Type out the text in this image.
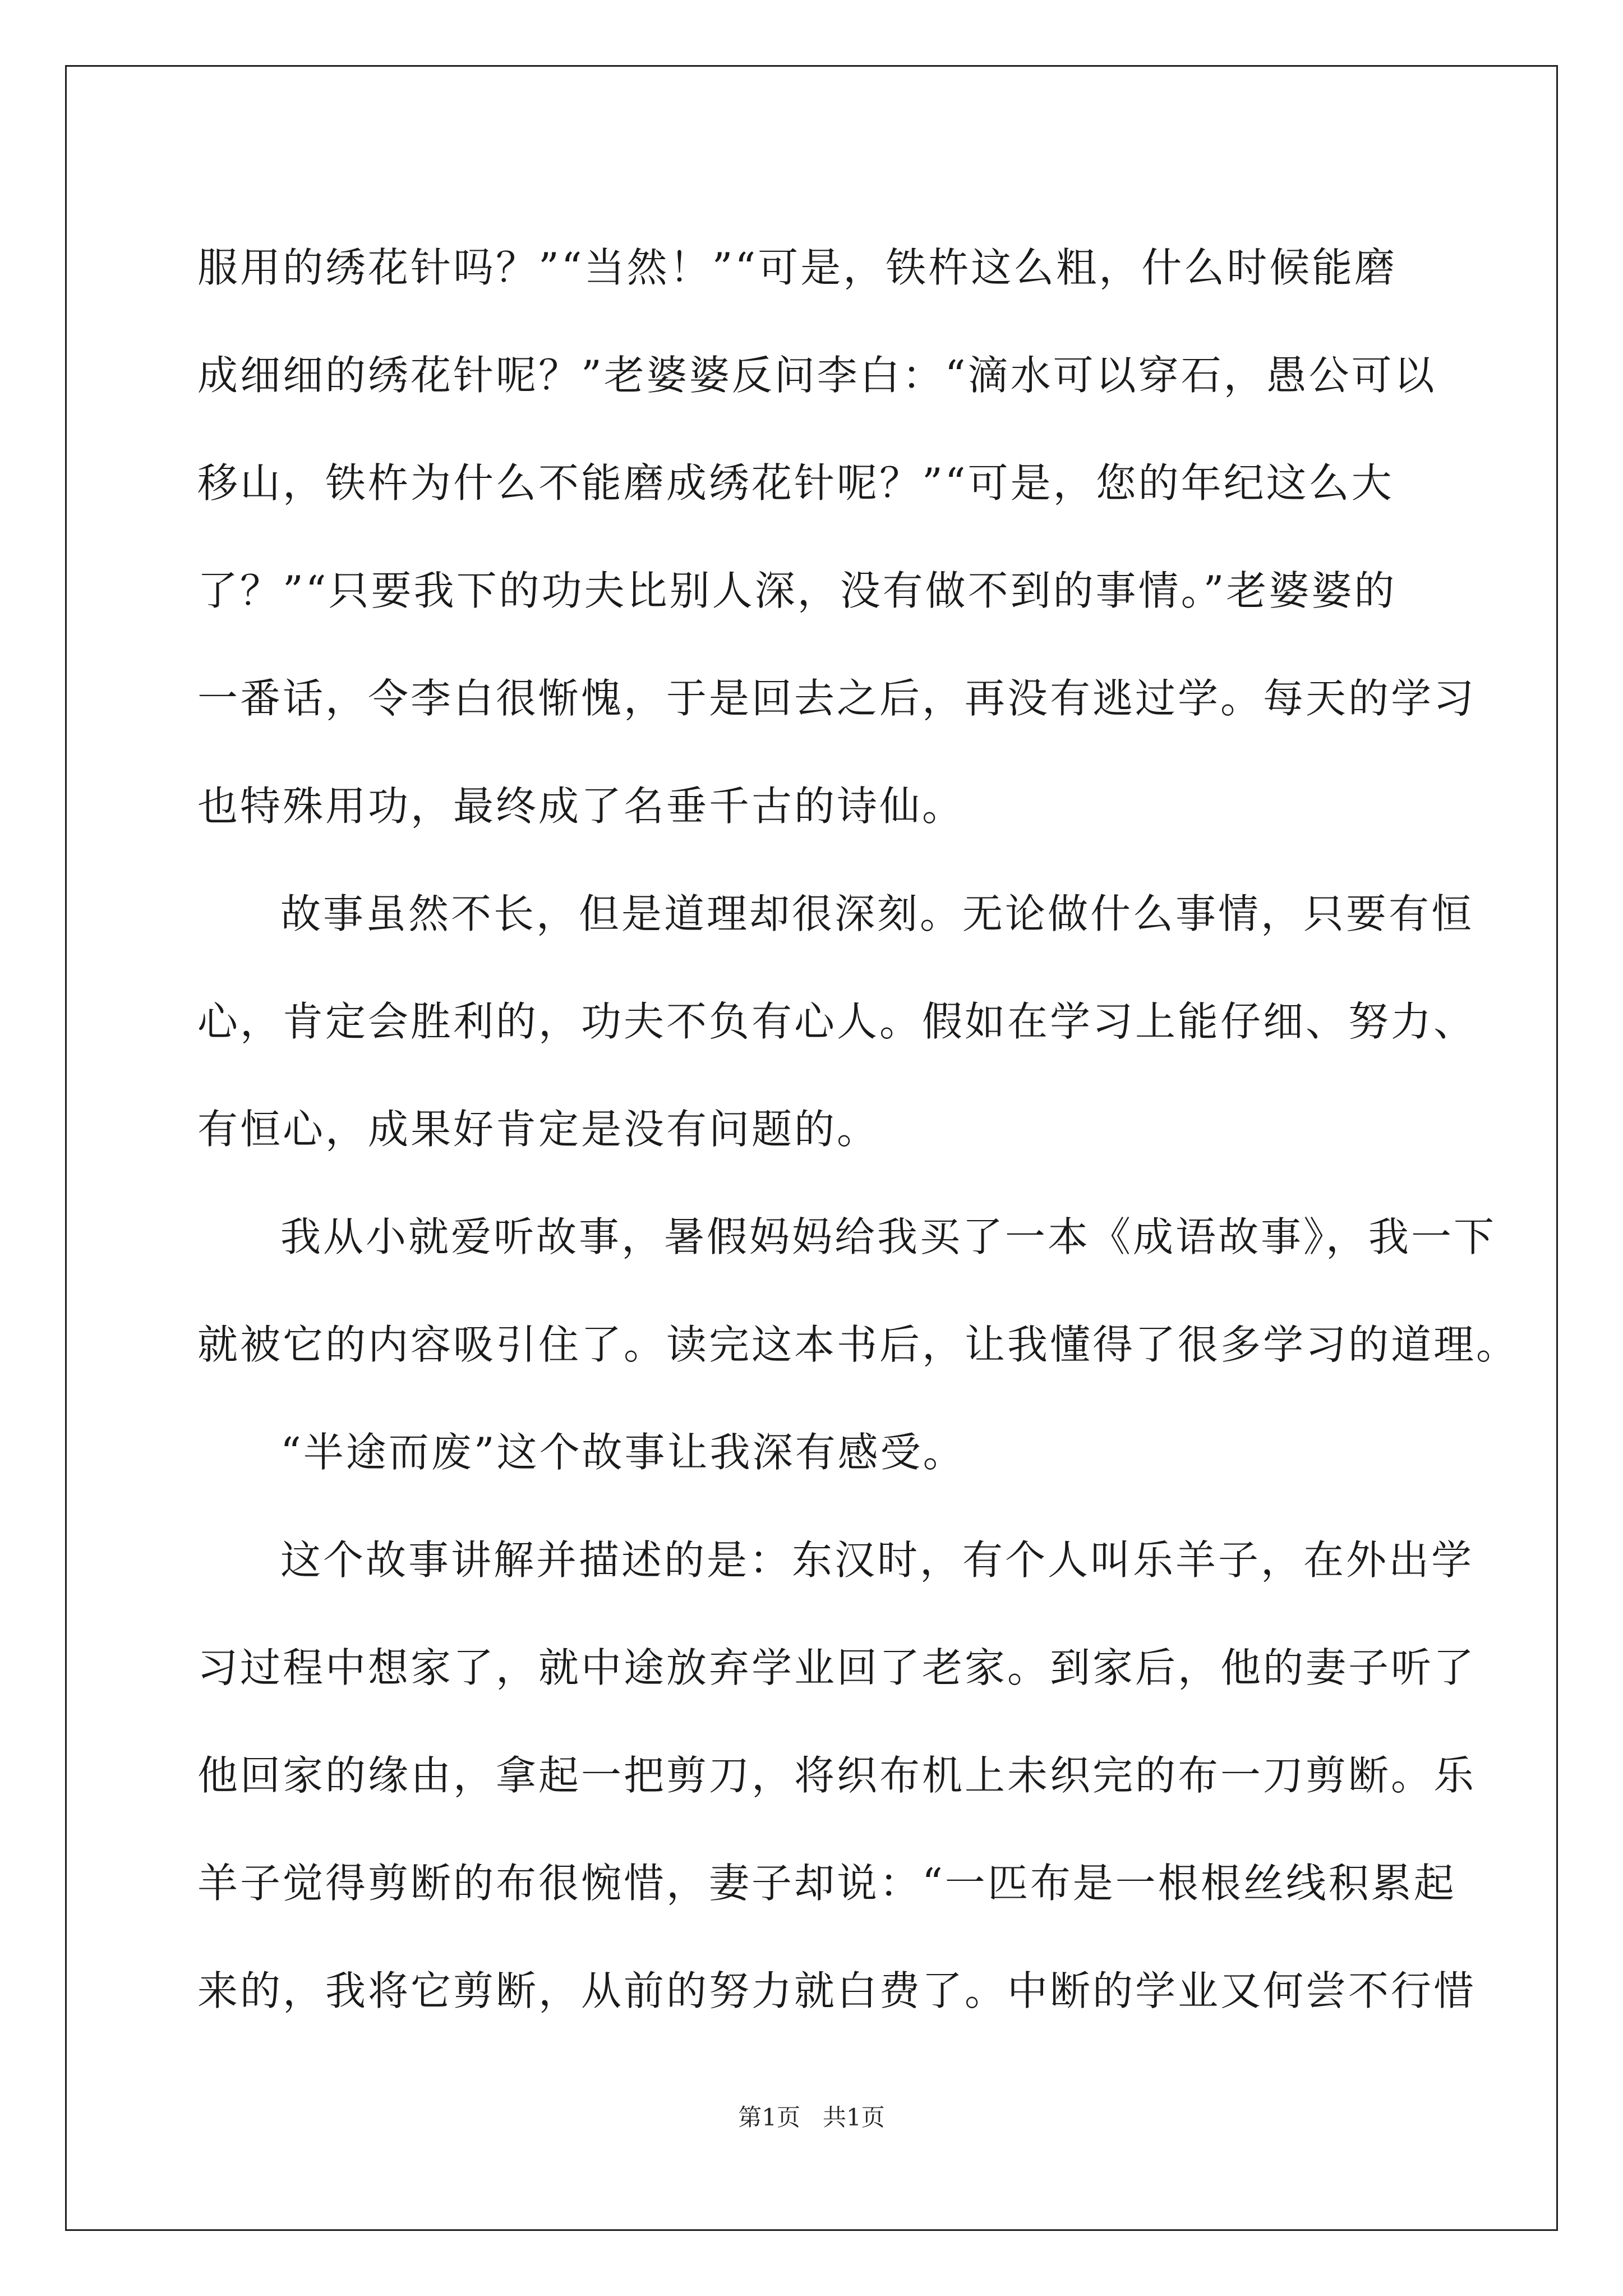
服用的绣花针吗？”“当然！”“可是，铁杵这么粗，什么时候能磨
成细细的绣花针呢？”老婆婆反问李白：“滴水可以穿石，愚公可以
移山，铁杵为什么不能磨成绣花针呢？”“可是，您的年纪这么大
了？”“只要我下的功夫比别人深，没有做不到的事情。”老婆婆的
一番话，令李白很惭愧，于是回去之后，再没有逃过学。每天的学习
也特殊用功，最终成了名垂千古的诗仙。
故事虽然不长，但是道理却很深刻。无论做什么事情，只要有恒
心，肯定会胜利的，功夫不负有心人。假如在学习上能仔细、努力、
有恒心，成果好肯定是没有问题的。
我从小就爱听故事，暑假妈妈给我买了一本《成语故事》，我一下
就被它的内容吸引住了。读完这本书后，让我懂得了很多学习的道理。
“半途而废”这个故事让我深有感受。
这个故事讲解并描述的是：东汉时，有个人叫乐羊子，在外出学
习过程中想家了，就中途放弃学业回了老家。到家后，他的妻子听了
他回家的缘由，拿起一把剪刀，将织布机上未织完的布一刀剪断。乐
羊子觉得剪断的布很惋惜，妻子却说：“一匹布是一根根丝线积累起
来的，我将它剪断，从前的努力就白费了。中断的学业又何尝不行惜
第1页 共1页
